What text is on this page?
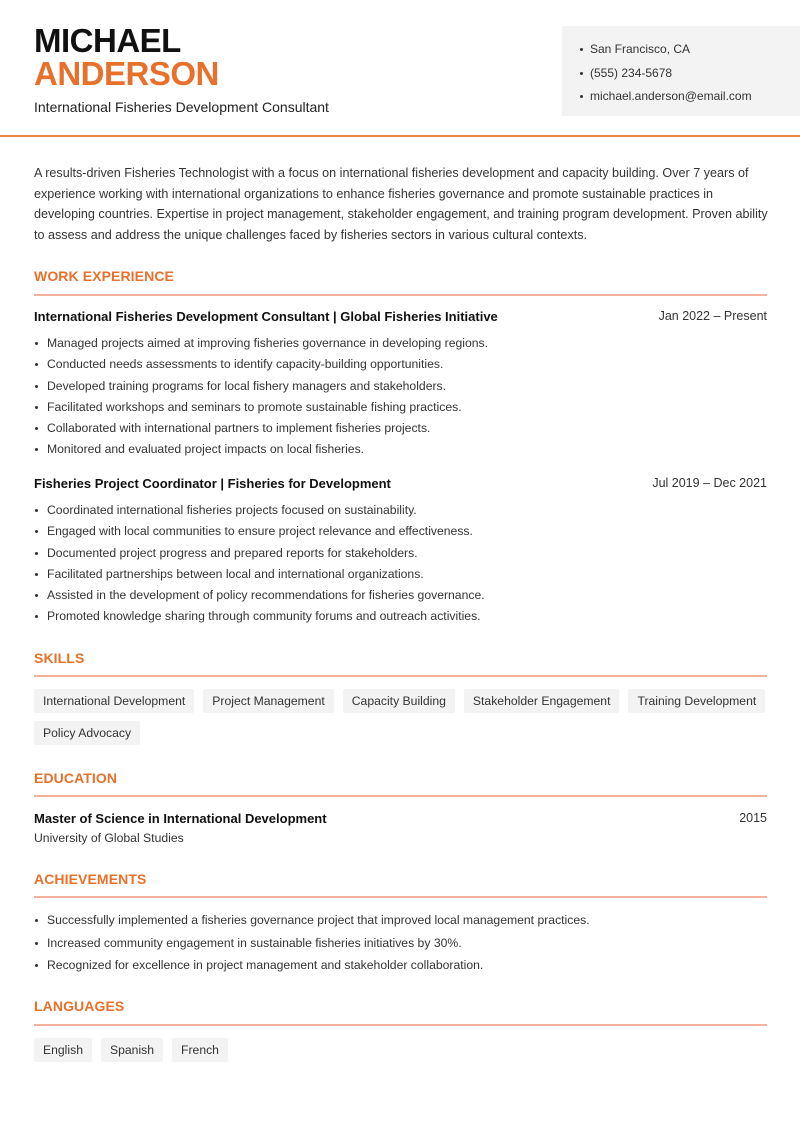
MICHAEL
ANDERSON
International Fisheries Development Consultant
San Francisco, CA
(555) 234-5678
michael.anderson@email.com

A results-driven Fisheries Technologist with a focus on international fisheries development and capacity building. Over 7 years of experience working with international organizations to enhance fisheries governance and promote sustainable practices in developing countries. Expertise in project management, stakeholder engagement, and training program development. Proven ability to assess and address the unique challenges faced by fisheries sectors in various cultural contexts.

WORK EXPERIENCE
International Fisheries Development Consultant | Global Fisheries Initiative	Jan 2022 – Present
Managed projects aimed at improving fisheries governance in developing regions.
Conducted needs assessments to identify capacity-building opportunities.
Developed training programs for local fishery managers and stakeholders.
Facilitated workshops and seminars to promote sustainable fishing practices.
Collaborated with international partners to implement fisheries projects.
Monitored and evaluated project impacts on local fisheries.
Fisheries Project Coordinator | Fisheries for Development	Jul 2019 – Dec 2021
Coordinated international fisheries projects focused on sustainability.
Engaged with local communities to ensure project relevance and effectiveness.
Documented project progress and prepared reports for stakeholders.
Facilitated partnerships between local and international organizations.
Assisted in the development of policy recommendations for fisheries governance.
Promoted knowledge sharing through community forums and outreach activities.
SKILLS
International Development	Project Management	Capacity Building	Stakeholder Engagement	Training Development
Policy Advocacy
EDUCATION
Master of Science in International Development	2015
University of Global Studies
ACHIEVEMENTS
Successfully implemented a fisheries governance project that improved local management practices.
Increased community engagement in sustainable fisheries initiatives by 30%.
Recognized for excellence in project management and stakeholder collaboration.
LANGUAGES
English	Spanish	French
